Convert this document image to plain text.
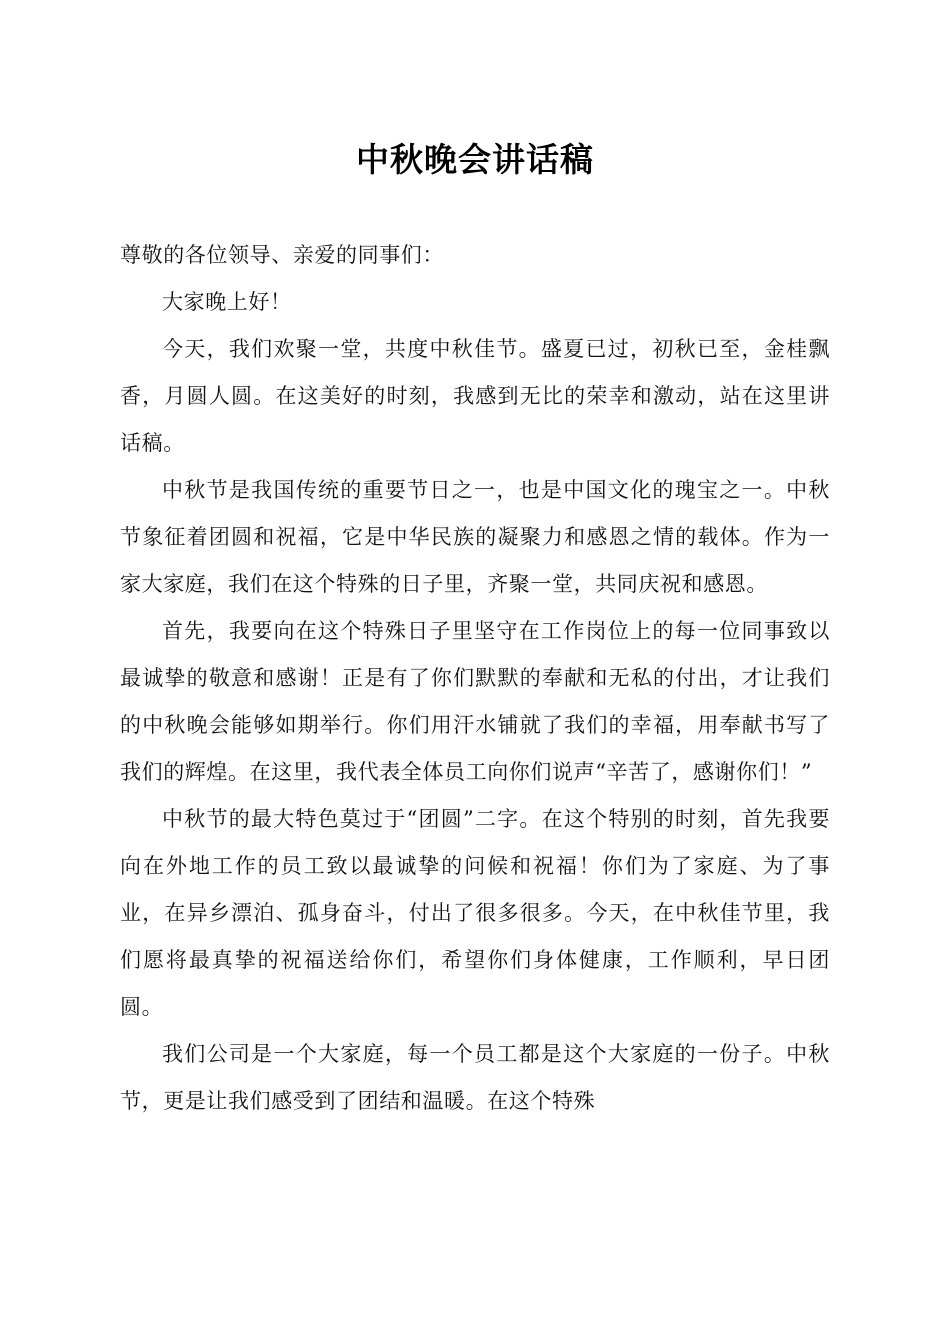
中秋晚会讲话稿

尊敬的各位领导、亲爱的同事们：

大家晚上好！

今天，我们欢聚一堂，共度中秋佳节。盛夏已过，初秋已至，金桂飘香，月圆人圆。在这美好的时刻，我感到无比的荣幸和激动，站在这里讲话稿。

中秋节是我国传统的重要节日之一，也是中国文化的瑰宝之一。中秋节象征着团圆和祝福，它是中华民族的凝聚力和感恩之情的载体。作为一家大家庭，我们在这个特殊的日子里，齐聚一堂，共同庆祝和感恩。

首先，我要向在这个特殊日子里坚守在工作岗位上的每一位同事致以最诚挚的敬意和感谢！正是有了你们默默的奉献和无私的付出，才让我们的中秋晚会能够如期举行。你们用汗水铺就了我们的幸福，用奉献书写了我们的辉煌。在这里，我代表全体员工向你们说声“辛苦了，感谢你们！”

中秋节的最大特色莫过于“团圆”二字。在这个特别的时刻，首先我要向在外地工作的员工致以最诚挚的问候和祝福！你们为了家庭、为了事业，在异乡漂泊、孤身奋斗，付出了很多很多。今天，在中秋佳节里，我们愿将最真挚的祝福送给你们，希望你们身体健康，工作顺利，早日团圆。

我们公司是一个大家庭，每一个员工都是这个大家庭的一份子。中秋节，更是让我们感受到了团结和温暖。在这个特殊
